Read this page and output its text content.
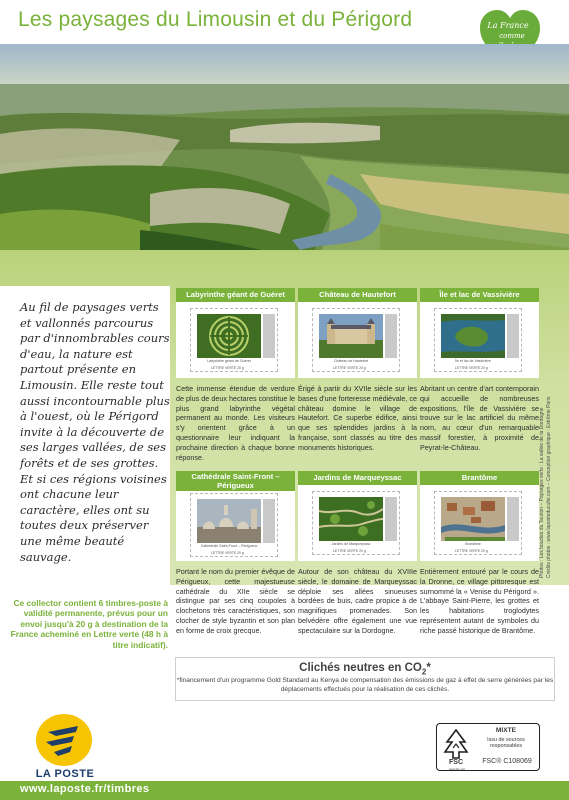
Les paysages du Limousin et du Périgord	La France
comme
Au fil de paysages verts et vallonnés parcourus par d'innombrables cours d'eau, la nature est partout présente en Limousin. Elle reste tout aussi incontournable plus à l'ouest, où le Périgord invite à la découverte de ses larges vallées, de ses forêts et de ses grottes. Et si ces régions voisines ont chacune leur caractère, elles ont su toutes deux préserver une même beauté sauvage.
Ce collector contient 6 timbres-poste à validité permanente, prévus pour un envoi jusqu'à 20 g à destination de la France acheminé en Lettre verte (48 h à titre indicatif).
Labyrinthe géant de Guéret
Labyrinthe géant de Guéret
LETTRE VERTE 20 g
Cette immense étendue de verdure de plus de deux hectares constitue le plus grand labyrinthe végétal permanent au monde. Les visiteurs s'y orientent grâce à un questionnaire leur indiquant la prochaine direction à chaque bonne réponse.
Château de Hautefort
Château de Hautefort
LETTRE VERTE 20 g
Érigé à partir du XVIIe siècle sur les bases d'une forteresse médiévale, ce château domine le village de Hautefort. Ce superbe édifice, ainsi que ses splendides jardins à la française, sont classés au titre des monuments historiques.
Île et lac de Vassivière
Île et lac de Vassivière
LETTRE VERTE 20 g
Abritant un centre d'art contemporain qui accueille de nombreuses expositions, l'île de Vassivière se trouve sur le lac artificiel du même nom, au cœur d'un remarquable massif forestier, à proximité de Peyrat-le-Château.
Cathédrale Saint-Front – Périgueux
Cathédrale Saint-Front – Périgueux
LETTRE VERTE 20 g
Portant le nom du premier évêque de Périgueux, cette majestueuse cathédrale du XIIe siècle se distingue par ses cinq coupoles à clochetons très caractéristiques, son clocher de style byzantin et son plan en forme de croix grecque.
Jardins de Marqueyssac
Jardins de Marqueyssac
LETTRE VERTE 20 g
Autour de son château du XVIIIe siècle, le domaine de Marqueyssac déploie ses allées sinueuses bordées de buis, cadre propice à de magnifiques promenades. Son belvédère offre également une vue spectaculaire sur la Dordogne.
Brantôme
Brantôme
LETTRE VERTE 20 g
Entièrement entouré par le cours de la Dronne, ce village pittoresque est surnommé la « Venise du Périgord ». L'abbaye Saint-Pierre, les grottes et les habitations troglodytes représentent autant de symboles du riche passé historique de Brantôme.
Photos : Les boucles du Taurion – Paysages verts : La vallée de la Dordogne Crédits photos : www.laposteduculte.com – Conception graphique : Extrême Paris
Clichés neutres en $CO_2*$
*financement d'un programme Gold Standard au Kenya de compensation des émissions de gaz à effet de serre générées par les déplacements effectués pour la réalisation de ces clichés.
LA POSTE
FSC
MIXTE
Issu de sources responsables
FSC® C108069
www.fsc.org
www.laposte.fr/timbres
